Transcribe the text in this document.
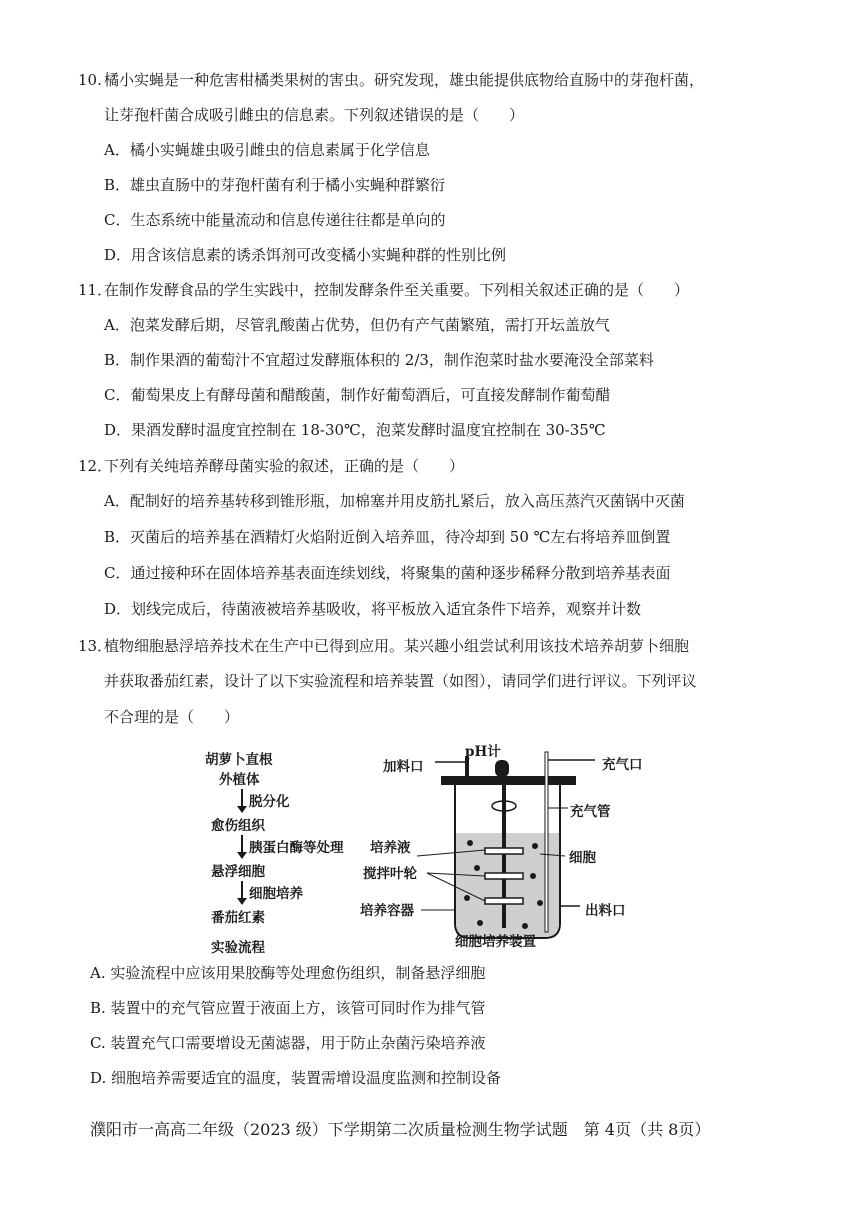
10. 橘小实蝇是一种危害柑橘类果树的害虫。研究发现，雄虫能提供底物给直肠中的芽孢杆菌，
让芽孢杆菌合成吸引雌虫的信息素。下列叙述错误的是（　　）
A．橘小实蝇雄虫吸引雌虫的信息素属于化学信息
B．雄虫直肠中的芽孢杆菌有利于橘小实蝇种群繁衍
C．生态系统中能量流动和信息传递往往都是单向的
D．用含该信息素的诱杀饵剂可改变橘小实蝇种群的性别比例
11．
在制作发酵食品的学生实践中，控制发酵条件至关重要。下列相关叙述正确的是（　　）
A．泡菜发酵后期，尽管乳酸菌占优势，但仍有产气菌繁殖，需打开坛盖放气
B．制作果酒的葡萄汁不宜超过发酵瓶体积的 2/3，制作泡菜时盐水要淹没全部菜料
C．葡萄果皮上有酵母菌和醋酸菌，制作好葡萄酒后，可直接发酵制作葡萄醋
D．果酒发酵时温度宜控制在 18-30℃，泡菜发酵时温度宜控制在 30-35℃
12．
下列有关纯培养酵母菌实验的叙述，正确的是（　　）
A．配制好的培养基转移到锥形瓶，加棉塞并用皮筋扎紧后，放入高压蒸汽灭菌锅中灭菌
B．灭菌后的培养基在酒精灯火焰附近倒入培养皿，待冷却到 50 ℃左右将培养皿倒置
C．通过接种环在固体培养基表面连续划线，将聚集的菌种逐步稀释分散到培养基表面
D．划线完成后，待菌液被培养基吸收，将平板放入适宜条件下培养，观察并计数
13．
植物细胞悬浮培养技术在生产中已得到应用。某兴趣小组尝试利用该技术培养胡萝卜细胞
并获取番茄红素，设计了以下实验流程和培养装置（如图），请同学们进行评议。下列评议
不合理的是（　　）
胡萝卜直根
外植体
脱分化
愈伤组织
胰蛋白酶等处理
悬浮细胞
细胞培养
番茄红素
实验流程
pH计
加料口	充气口
充气管
培养液
细胞
搅拌叶轮
培养容器	出料口
细胞培养装置
A. 实验流程中应该用果胶酶等处理愈伤组织，制备悬浮细胞
B. 装置中的充气管应置于液面上方，该管可同时作为排气管
C. 装置充气口需要增设无菌滤器，用于防止杂菌污染培养液
D. 细胞培养需要适宜的温度，装置需增设温度监测和控制设备
濮阳市一高高二年级（2023 级）下学期第二次质量检测生物学试题　第 4页（共 8页）
